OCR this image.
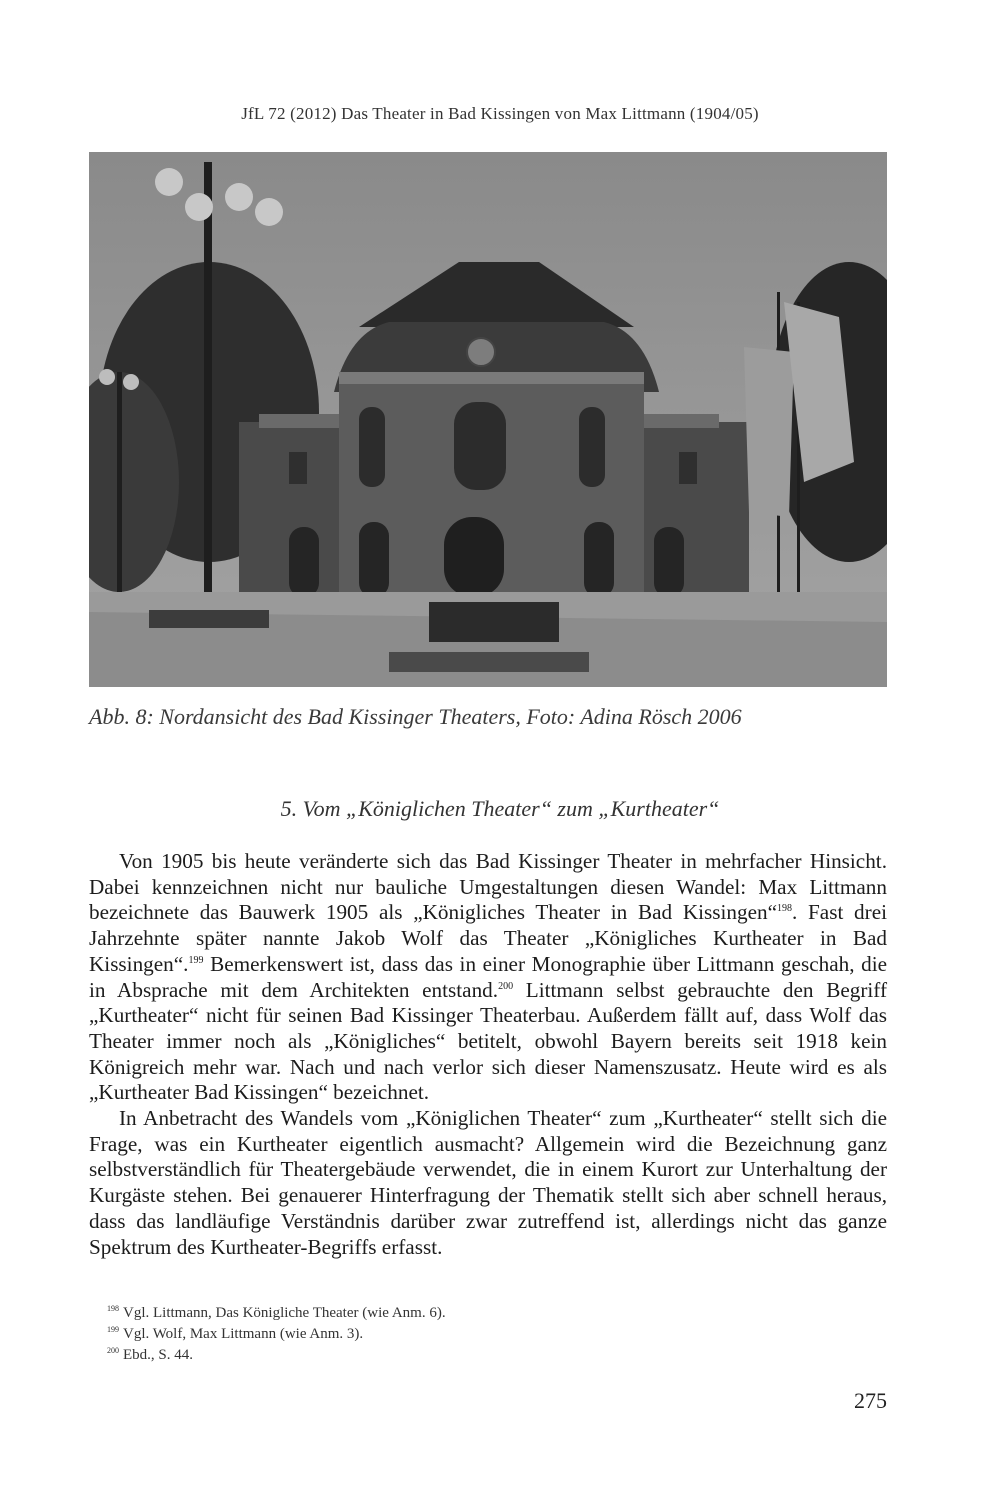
JfL 72 (2012) Das Theater in Bad Kissingen von Max Littmann (1904/05)
Abb. 8: Nordansicht des Bad Kissinger Theaters, Foto: Adina Rösch 2006
5. Vom „Königlichen Theater“ zum „Kurtheater“

Von 1905 bis heute veränderte sich das Bad Kissinger Theater in mehrfacher Hinsicht. Dabei kennzeichnen nicht nur bauliche Umgestaltungen diesen Wandel: Max Littmann bezeichnete das Bauwerk 1905 als „Königliches Theater in Bad Kissingen“$^{198}$. Fast drei Jahrzehnte später nannte Jakob Wolf das Theater „Königliches Kurtheater in Bad Kissingen“.$^{199}$ Bemerkenswert ist, dass das in einer Monographie über Littmann geschah, die in Absprache mit dem Architekten entstand.$^{200}$ Littmann selbst gebrauchte den Begriff „Kurtheater“ nicht für seinen Bad Kissinger Theaterbau. Außerdem fällt auf, dass Wolf das Theater immer noch als „Königliches“ betitelt, obwohl Bayern bereits seit 1918 kein Königreich mehr war. Nach und nach verlor sich dieser Namenszusatz. Heute wird es als „Kurtheater Bad Kissingen“ bezeichnet.

In Anbetracht des Wandels vom „Königlichen Theater“ zum „Kurtheater“ stellt sich die Frage, was ein Kurtheater eigentlich ausmacht? Allgemein wird die Bezeichnung ganz selbstverständlich für Theatergebäude verwendet, die in einem Kurort zur Unterhaltung der Kurgäste stehen. Bei genauerer Hinterfragung der Thematik stellt sich aber schnell heraus, dass das landläufige Verständnis darüber zwar zutreffend ist, allerdings nicht das ganze Spektrum des Kurtheater-Begriffs erfasst.

$^{198}$ Vgl. Littmann, Das Königliche Theater (wie Anm. 6).
$^{199}$ Vgl. Wolf, Max Littmann (wie Anm. 3).
$^{200}$ Ebd., S. 44.
275
